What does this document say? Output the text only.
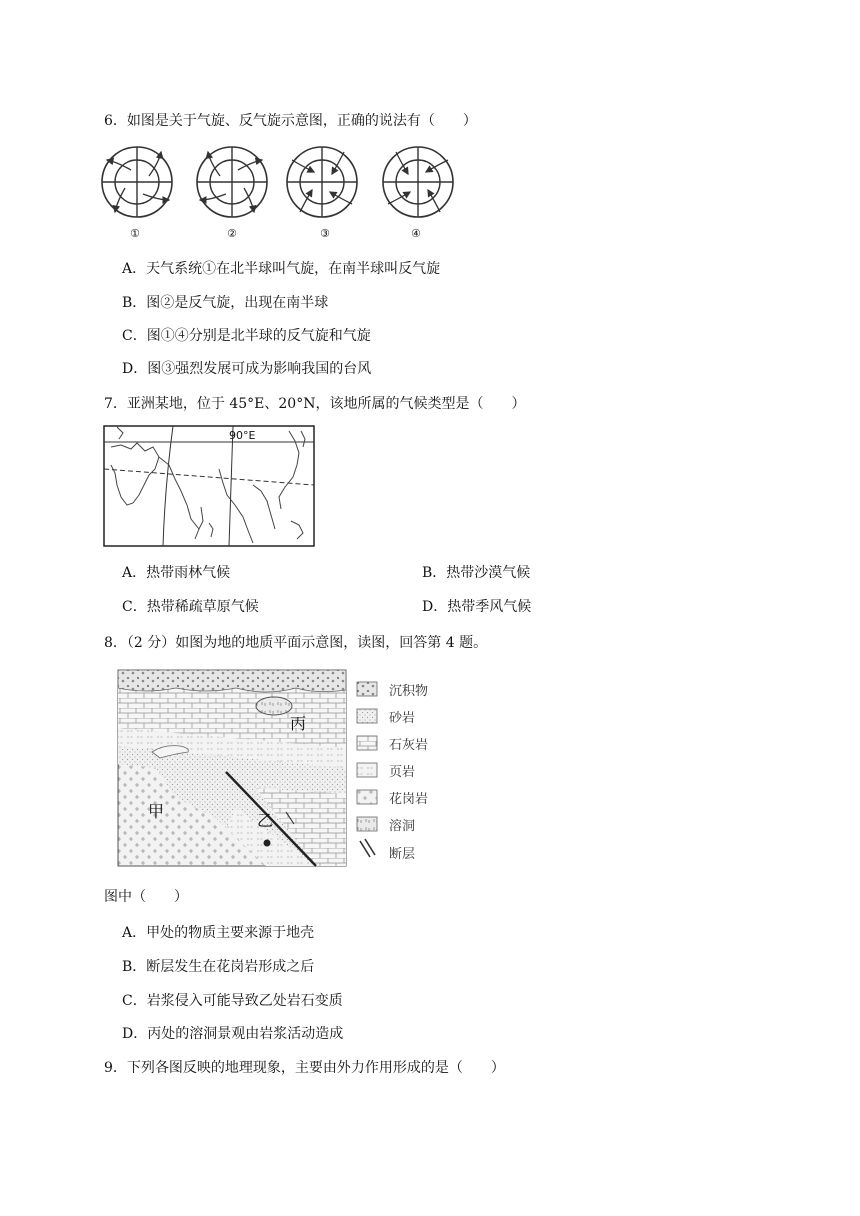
6．如图是关于气旋、反气旋示意图，正确的说法有（　　）
①	②	③	④
A．天气系统①在北半球叫气旋，在南半球叫反气旋
B．图②是反气旋，出现在南半球
C．图①④分别是北半球的反气旋和气旋
D．图③强烈发展可成为影响我国的台风
7．亚洲某地，位于 45°E、20°N，该地所属的气候类型是（　　）
90°E
A．热带雨林气候	B．热带沙漠气候
C．热带稀疏草原气候	D．热带季风气候
8．（2 分）如图为地的地质平面示意图，读图，回答第 4 题。
甲	乙
丙
沉积物
砂岩
石灰岩
页岩
花岗岩
溶洞
断层
图中（　　）
A．甲处的物质主要来源于地壳
B．断层发生在花岗岩形成之后
C．岩浆侵入可能导致乙处岩石变质
D．丙处的溶洞景观由岩浆活动造成
9．下列各图反映的地理现象，主要由外力作用形成的是（　　）
